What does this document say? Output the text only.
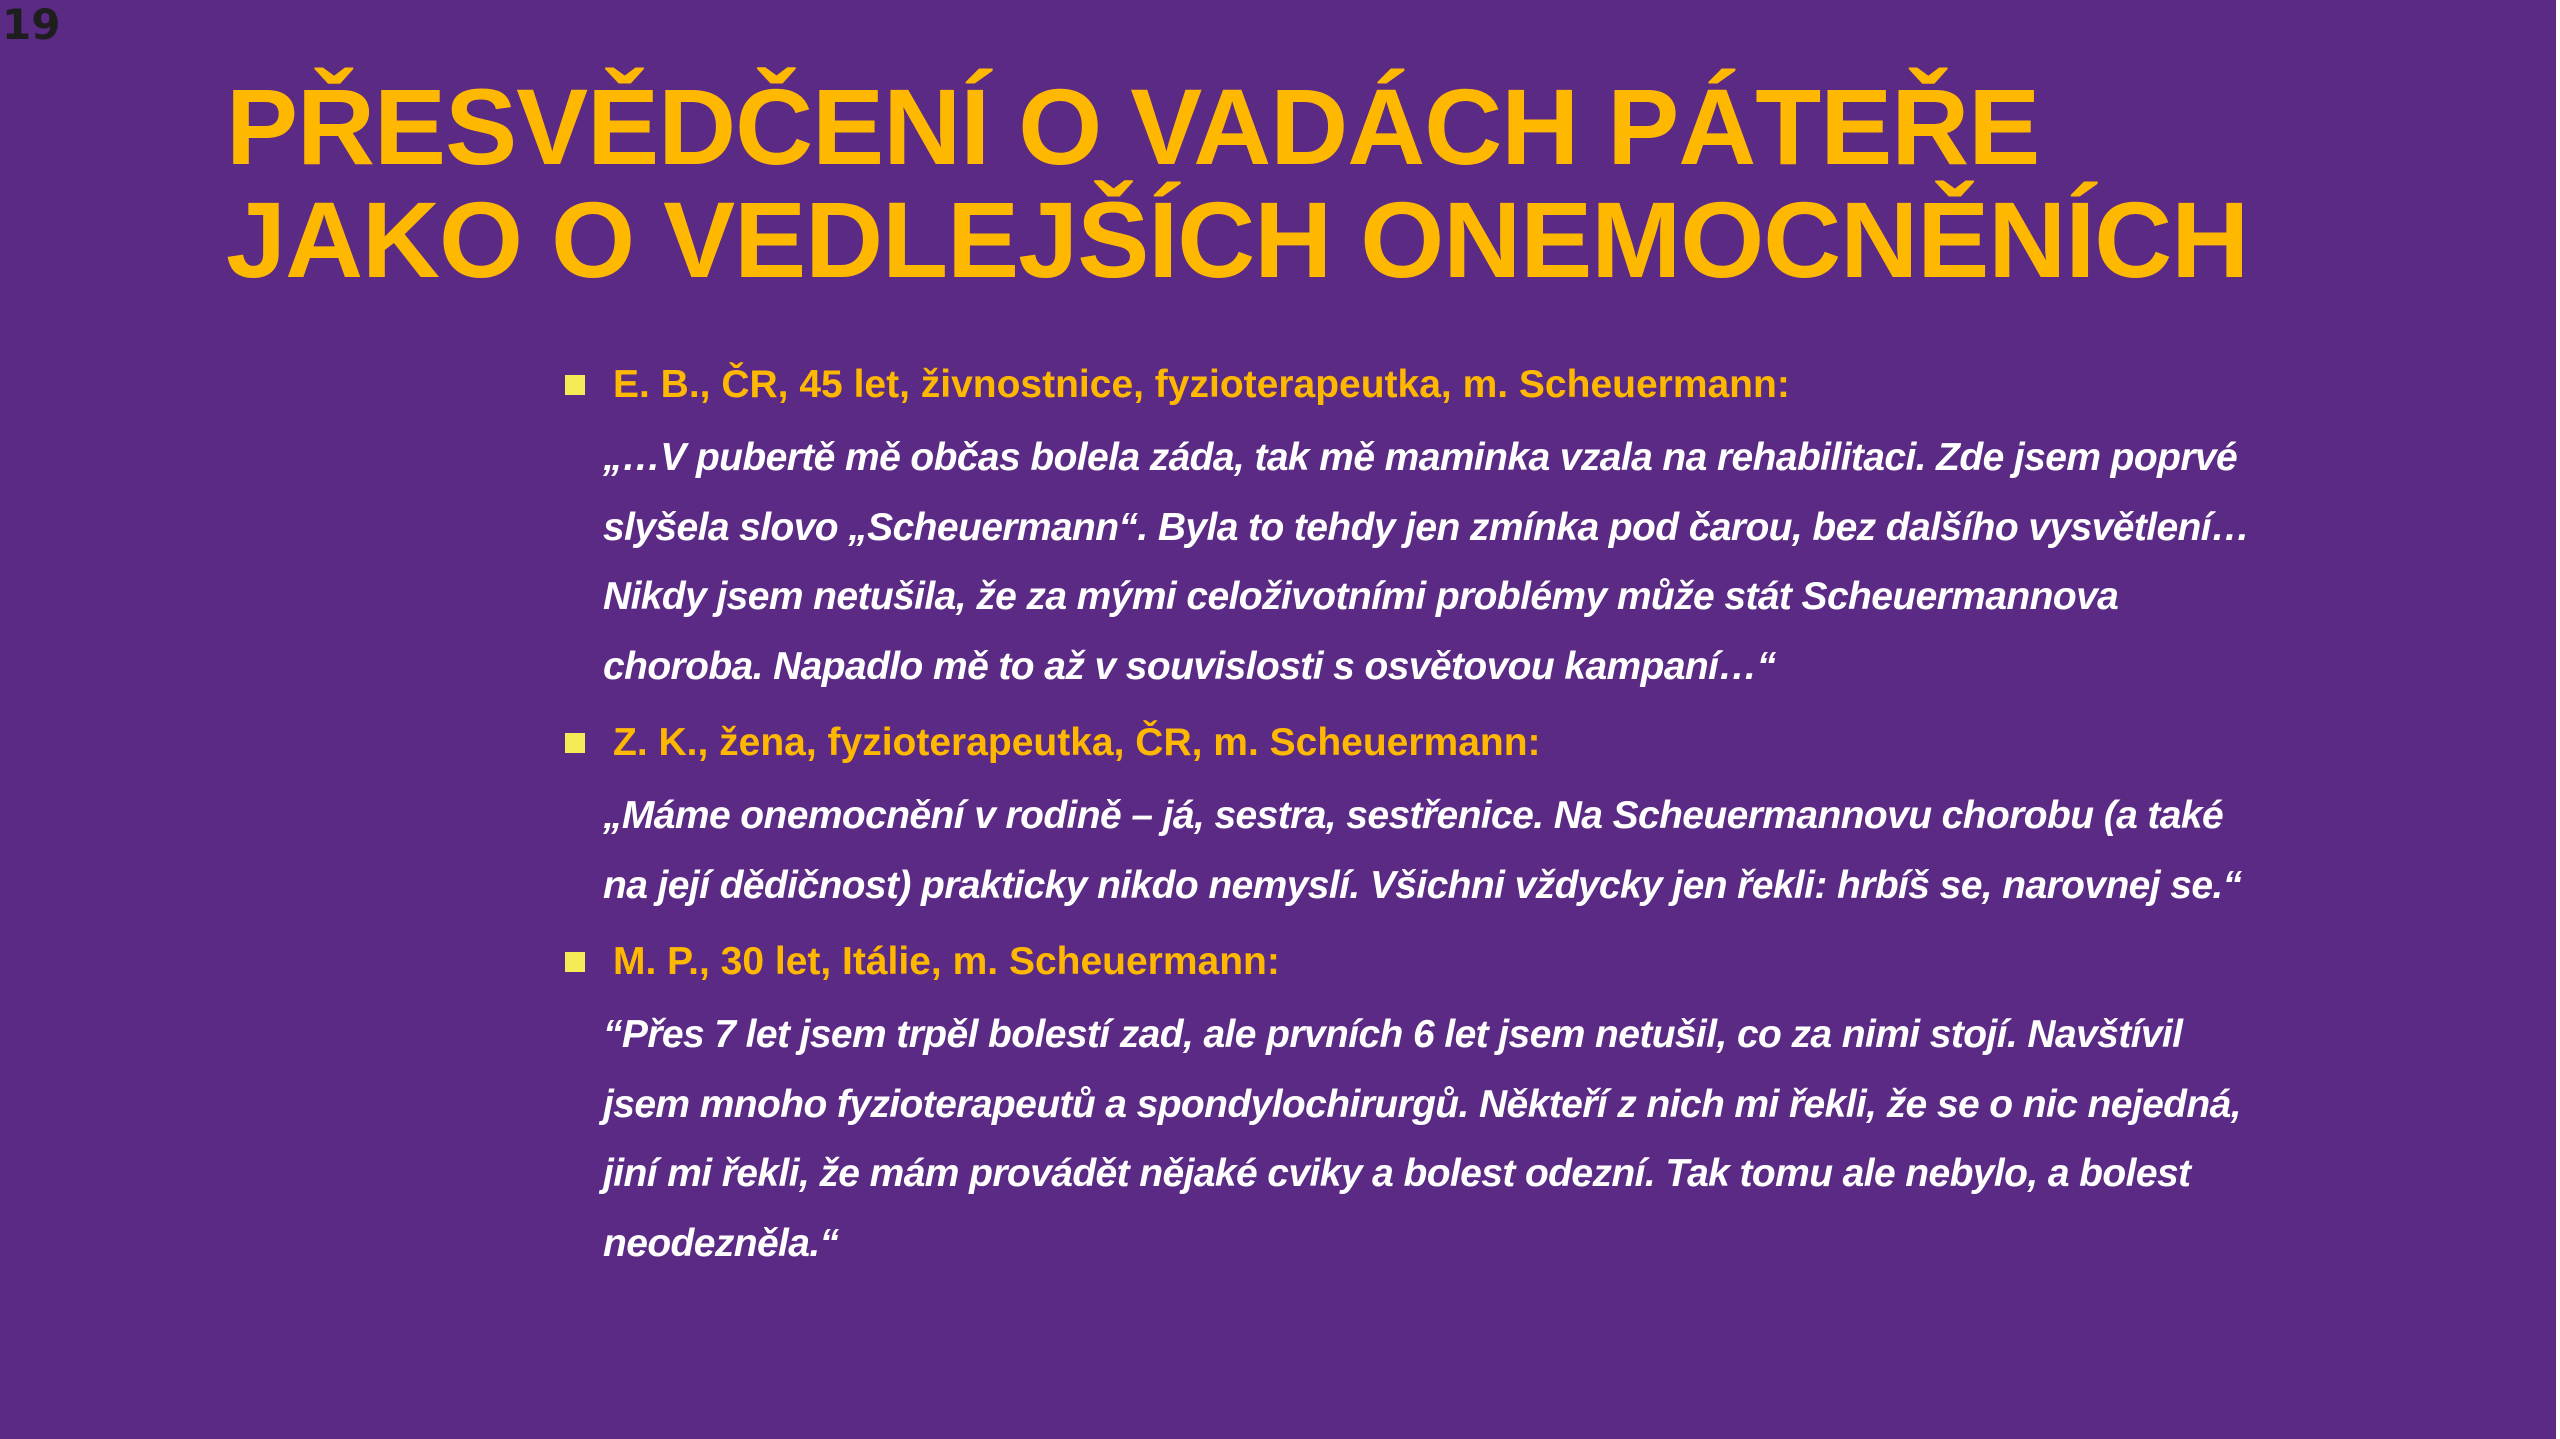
19
PŘESVĚDČENÍ O VADÁCH PÁTEŘE
JAKO O VEDLEJŠÍCH ONEMOCNĚNÍCH
E. B., ČR, 45 let, živnostnice, fyzioterapeutka, m. Scheuermann:
„…V pubertě mě občas bolela záda, tak mě maminka vzala na rehabilitaci. Zde jsem poprvé
slyšela slovo „Scheuermann“. Byla to tehdy jen zmínka pod čarou, bez dalšího vysvětlení…
Nikdy jsem netušila, že za mými celoživotními problémy může stát Scheuermannova
choroba. Napadlo mě to až v souvislosti s osvětovou kampaní…“
Z. K., žena, fyzioterapeutka, ČR, m. Scheuermann:
„Máme onemocnění v rodině – já, sestra, sestřenice. Na Scheuermannovu chorobu (a také
na její dědičnost) prakticky nikdo nemyslí. Všichni vždycky jen řekli: hrbíš se, narovnej se.“
M. P., 30 let, Itálie, m. Scheuermann:
“Přes 7 let jsem trpěl bolestí zad, ale prvních 6 let jsem netušil, co za nimi stojí. Navštívil
jsem mnoho fyzioterapeutů a spondylochirurgů. Někteří z nich mi řekli, že se o nic nejedná,
jiní mi řekli, že mám provádět nějaké cviky a bolest odezní. Tak tomu ale nebylo, a bolest
neodezněla.“
